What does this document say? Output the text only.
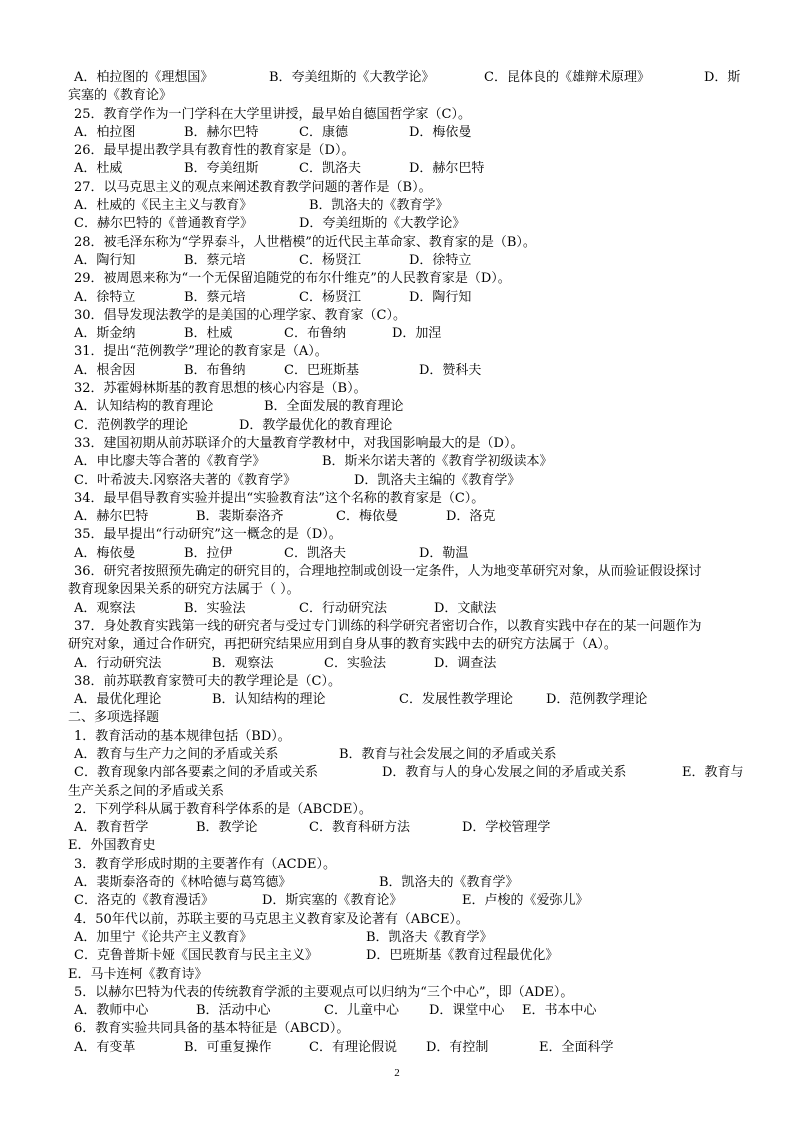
A．柏拉图的《理想国》	B．夸美纽斯的《大教学论》	C．昆体良的《雄辩术原理》	D．斯
宾塞的《教育论》
25．教育学作为一门学科在大学里讲授，最早始自德国哲学家（C）。
A．柏拉图	B．赫尔巴特	C．康德	D．梅依曼
26．最早提出教学具有教育性的教育家是（D）。
A．杜威	B．夸美纽斯	C．凯洛夫	D．赫尔巴特
27．以马克思主义的观点来阐述教育教学问题的著作是（B）。
A．杜威的《民主主义与教育》	B．凯洛夫的《教育学》
C．赫尔巴特的《普通教育学》	D．夸美纽斯的《大教学论》
28．被毛泽东称为“学界泰斗，人世楷模”的近代民主革命家、教育家的是（B）。
A．陶行知	B．蔡元培	C．杨贤江	D．徐特立
29．被周恩来称为“一个无保留追随党的布尔什维克”的人民教育家是（D）。
A．徐特立	B．蔡元培	C．杨贤江	D．陶行知
30．倡导发现法教学的是美国的心理学家、教育家（C）。
A．斯金纳	B．杜威	C．布鲁纳	D．加涅
31．提出“范例教学”理论的教育家是（A）。
A．根舍因	B．布鲁纳	C．巴班斯基	D．赞科夫
32．苏霍姆林斯基的教育思想的核心内容是（B）。
A．认知结构的教育理论	B．全面发展的教育理论
C．范例教学的理论	D．教学最优化的教育理论
33．建国初期从前苏联译介的大量教育学教材中，对我国影响最大的是（D）。
A．申比廖夫等合著的《教育学》	B．斯米尔诺夫著的《教育学初级读本》
C．叶希波夫.冈察洛夫著的《教育学》	D．凯洛夫主编的《教育学》
34．最早倡导教育实验并提出“实验教育法”这个名称的教育家是（C）。
A．赫尔巴特	B．裴斯泰洛齐	C．梅依曼	D．洛克
35．最早提出“行动研究”这一概念的是（D）。
A．梅依曼	B．拉伊	C．凯洛夫	D．勒温
36．研究者按照预先确定的研究目的，合理地控制或创设一定条件，人为地变革研究对象，从而验证假设探讨
教育现象因果关系的研究方法属于（ ）。
A．观察法	B．实验法	C．行动研究法	D．文献法
37．身处教育实践第一线的研究者与受过专门训练的科学研究者密切合作，以教育实践中存在的某一问题作为
研究对象，通过合作研究，再把研究结果应用到自身从事的教育实践中去的研究方法属于（A）。
A．行动研究法	B．观察法	C．实验法	D．调查法
38．前苏联教育家赞可夫的教学理论是（C）。
A．最优化理论	B．认知结构的理论	C．发展性教学理论	D．范例教学理论
二、多项选择题
1．教育活动的基本规律包括（BD）。
A．教育与生产力之间的矛盾或关系	B．教育与社会发展之间的矛盾或关系
C．教育现象内部各要素之间的矛盾或关系	D．教育与人的身心发展之间的矛盾或关系	E．教育与
生产关系之间的矛盾或关系
2．下列学科从属于教育科学体系的是（ABCDE）。
A．教育哲学	B．教学论	C．教育科研方法	D．学校管理学
E．外国教育史
3．教育学形成时期的主要著作有（ACDE）。
A．裴斯泰洛奇的《林哈德与葛笃德》	B．凯洛夫的《教育学》
C．洛克的《教育漫话》	D．斯宾塞的《教育论》	E．卢梭的《爱弥儿》
4．50年代以前，苏联主要的马克思主义教育家及论著有（ABCE）。
A．加里宁《论共产主义教育》	B．凯洛夫《教育学》
C．克鲁普斯卡娅《国民教育与民主主义》	D．巴班斯基《教育过程最优化》
E．马卡连柯《教育诗》
5．以赫尔巴特为代表的传统教育学派的主要观点可以归纳为“三个中心”，即（ADE）。
A．教师中心	B．活动中心	C．儿童中心 D．课堂中心 E．书本中心
6．教育实验共同具备的基本特征是（ABCD）。
A．有变革	B．可重复操作	C．有理论假说 D．有控制	E．全面科学
2
